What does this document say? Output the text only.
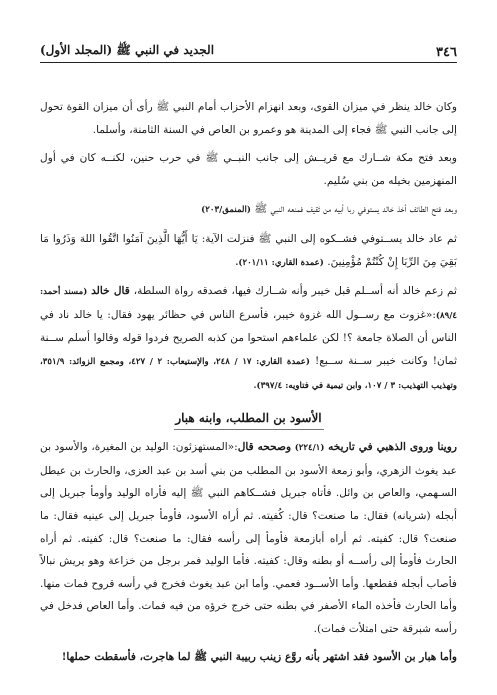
٣٤٦
الجديد في النبي ﷺ (المجلد الأول)

وكان خالد ينظر في ميزان القوى، وبعد انهزام الأحزاب أمام النبي ﷺ رأى أن ميزان القوة تحول إلى جانب النبي ﷺ فجاء إلى المدينة هو وعمرو بن العاص في السنة الثامنة، وأسلما.

وبعد فتح مكة شــارك مع قريــش إلى جانب النبــي ﷺ في حرب حنين، لكنــه كان في أول المنهزمين بخيله من بني سُليم.

وبعد فتح الطائف أخذ خالد يستوفي ربا أبيه من ثقيف فمنعه النبي ﷺ (المنمق/٢٠٣)

ثم عاد خالد يســتوفي فشــكوه إلى النبي ﷺ فنزلت الآية: يَا أَيُّهَا الَّذِينَ آمَنُوا اتَّقُوا اللهَ وَذَرُوا مَا بَقِيَ مِنَ الرِّبَا إِنْ كُنْتُمْ مُؤْمِنِينَ. (عمدة القاري: ٢٠١/١١).

ثم زعم خالد أنه أســلم قبل خيبر وأنه شــارك فيها، فصدقه رواة السلطة، قال خالد (مسند أحمد: ٨٩/٤):«غزوت مع رســول الله غزوة خيبر، فأسرع الناس في حظائر يهود فقال: يا خالد ناد في الناس أن الصلاة جامعة ؟! لكن علماءهم استحوا من كذبه الصريح فردوا قوله وقالوا أسلم ســنة ثمان! وكانت خيبر ســنة ســبع! (عمدة القاري: ١٧ / ٢٤٨، والإستيعاب: ٢ / ٤٢٧، ومجمع الزوائد: ٣٥١/٩، وتهذيب التهذيب: ٣ / ١٠٧، وابن تيمية في فتاويه: ٣٩٧/٤).

الأسود بن المطلب، وابنه هبار

روينا وروى الذهبي في تاريخه (٢٢٤/١) وصححه قال:«المستهزئون: الوليد بن المغيرة، والأسود بن عبد يغوث الزهري، وأبو زمعة الأسود بن المطلب من بني أسد بن عبد العزى، والحارث بن عيطل السـهمي، والعاص بن وائل. فأتاه جبريل فشــكاهم النبي ﷺ إليه فأراه الوليد وأومأ جبريل إلى أبجله (شريانه) فقال: ما صنعت؟ قال: كُفيته. ثم أراه الأسود، فأومأ جبريل إلى عينيه فقال: ما صنعت؟ قال: كفيته. ثم أراه أبازمعة فأومأ إلى رأسه فقال: ما صنعت؟ قال: كفيته. ثم أراه الحارث فأومأ إلى رأســه أو بطنه وقال: كفيته. فأما الوليد فمر برجل من خزاعة وهو يريش نبالاً فأصاب أبجله فقطعها. وأما الأســود فعمي. وأما ابن عبد يغوث فخرج في رأسه قروح فمات منها. وأما الحارث فأخذه الماء الأصفر في بطنه حتى خرج خرؤه من فيه فمات. وأما العاص فدخل في رأسه شبرقة حتى امتلأت فمات).

وأما هبار بن الأسود فقد اشتهر بأنه روَّع زينب ربيبة النبي ﷺ لما هاجرت، فأسقطت حملها!
